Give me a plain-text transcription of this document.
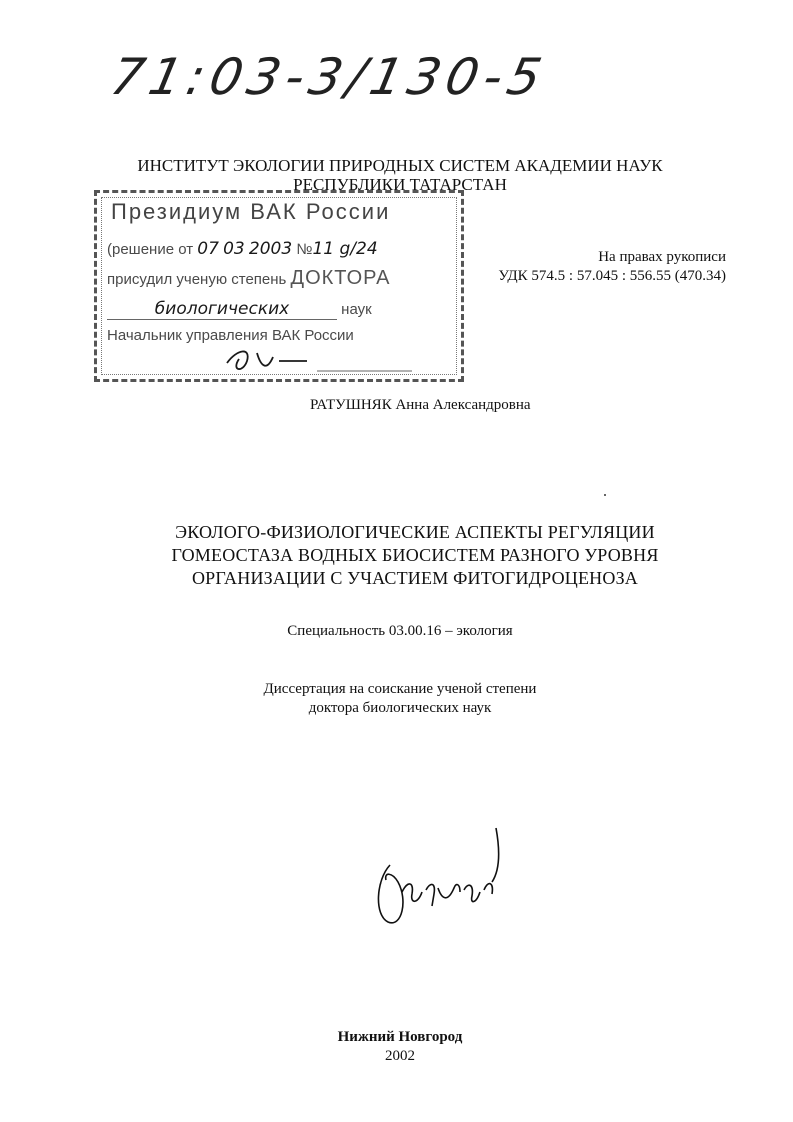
71:03-3/130-5
ИНСТИТУТ ЭКОЛОГИИ ПРИРОДНЫХ СИСТЕМ АКАДЕМИИ НАУК
РЕСПУБЛИКИ ТАТАРСТАН
Президиум ВАК России
(решение от 07 03 2003 №11 g/24
присудил ученую степень ДОКТОРА
биологических	наук
Начальник управления ВАК России
На правах рукописи
УДК 574.5 : 57.045 : 556.55 (470.34)
РАТУШНЯК Анна Александровна
ЭКОЛОГО-ФИЗИОЛОГИЧЕСКИЕ АСПЕКТЫ РЕГУЛЯЦИИ
ГОМЕОСТАЗА ВОДНЫХ БИОСИСТЕМ РАЗНОГО УРОВНЯ
ОРГАНИЗАЦИИ С УЧАСТИЕМ ФИТОГИДРОЦЕНОЗА
Специальность 03.00.16 – экология
Диссертация на соискание ученой степени
доктора биологических наук
Нижний Новгород
2002
